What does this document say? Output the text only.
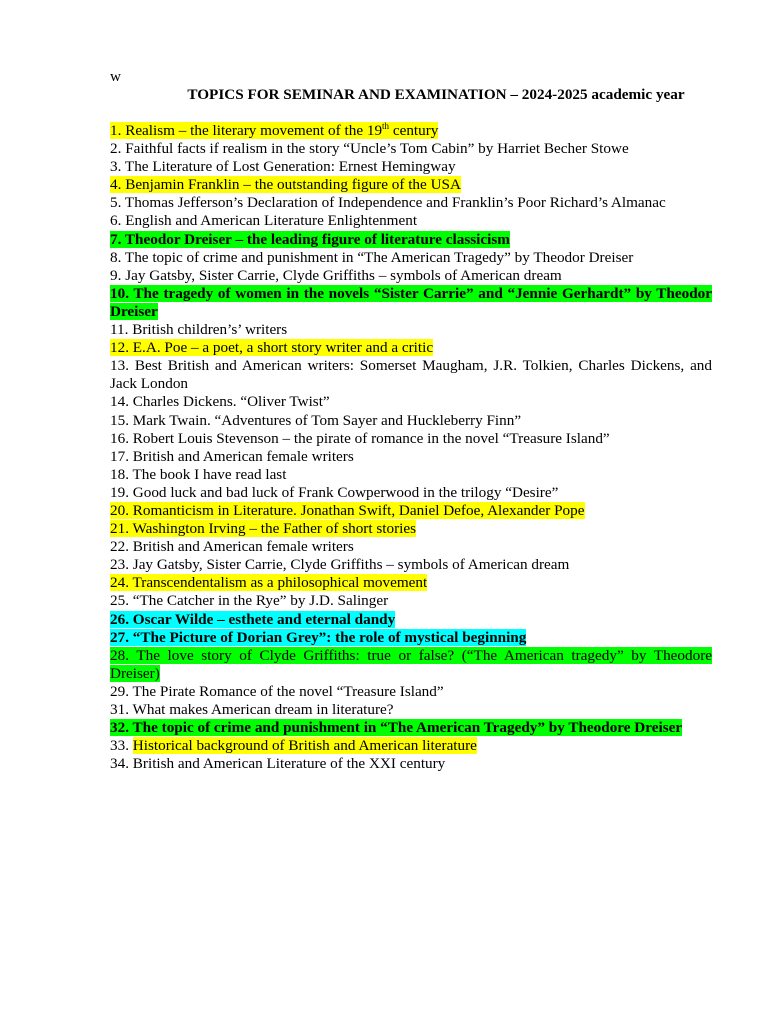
w
TOPICS FOR SEMINAR AND EXAMINATION – 2024-2025 academic year
1. Realism – the literary movement of the 19th century
2. Faithful facts if realism in the story “Uncle’s Tom Cabin” by Harriet Becher Stowe
3. The Literature of Lost Generation: Ernest Hemingway
4. Benjamin Franklin – the outstanding figure of the USA
5. Thomas Jefferson’s Declaration of Independence and Franklin’s Poor Richard’s Almanac
6. English and American Literature Enlightenment
7. Theodor Dreiser – the leading figure of literature classicism
8. The topic of crime and punishment in “The American Tragedy” by Theodor Dreiser
9. Jay Gatsby, Sister Carrie, Clyde Griffiths – symbols of American dream
10. The tragedy of women in the novels “Sister Carrie” and “Jennie Gerhardt” by Theodor Dreiser
11. British children’s’ writers
12. E.A. Poe – a poet, a short story writer and a critic
13. Best British and American writers: Somerset Maugham, J.R. Tolkien, Charles Dickens, and Jack London
14. Charles Dickens. “Oliver Twist”
15. Mark Twain. “Adventures of Tom Sayer and Huckleberry Finn”
16. Robert Louis Stevenson – the pirate of romance in the novel “Treasure Island”
17. British and American female writers
18. The book I have read last
19. Good luck and bad luck of Frank Cowperwood in the trilogy “Desire”
20. Romanticism in Literature. Jonathan Swift, Daniel Defoe, Alexander Pope
21. Washington Irving – the Father of short stories
22. British and American female writers
23. Jay Gatsby, Sister Carrie, Clyde Griffiths – symbols of American dream
24. Transcendentalism as a philosophical movement
25. “The Catcher in the Rye” by J.D. Salinger
26. Oscar Wilde – esthete and eternal dandy
27. “The Picture of Dorian Grey”: the role of mystical beginning
28. The love story of Clyde Griffiths: true or false? (“The American tragedy” by Theodore Dreiser)
29. The Pirate Romance of the novel “Treasure Island”
31. What makes American dream in literature?
32. The topic of crime and punishment in “The American Tragedy” by Theodore Dreiser
33. Historical background of British and American literature
34. British and American Literature of the XXI century
